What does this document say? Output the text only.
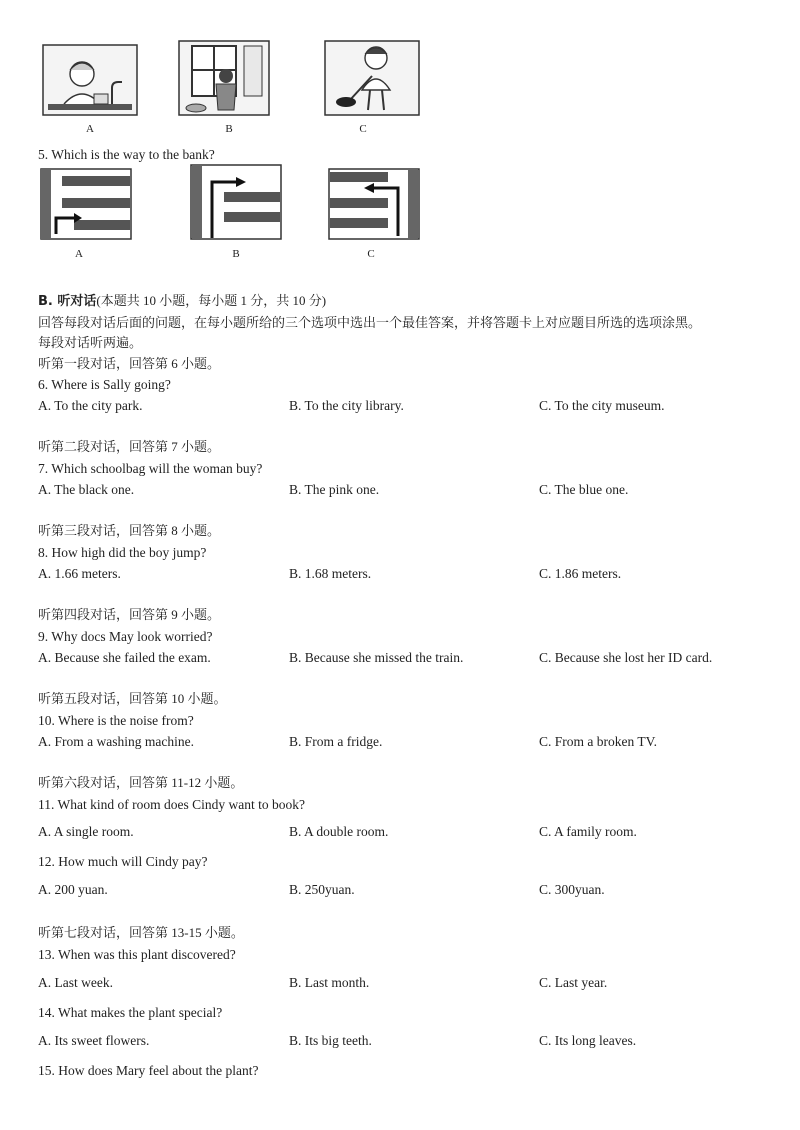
A	B	C
5. Which is the way to the bank?
A	B	C
B. 听对话(本题共 10 小题，每小题 1 分，共 10 分)
回答每段对话后面的问题，在每小题所给的三个选项中选出一个最佳答案，并将答题卡上对应题目所选的选项涂黑。
每段对话听两遍。
听第一段对话，回答第 6 小题。
6. Where is Sally going?
A. To the city park.	B. To the city library.	C. To the city museum.
听第二段对话，回答第 7 小题。
7. Which schoolbag will the woman buy?
A. The black one.	B. The pink one.	C. The blue one.
听第三段对话，回答第 8 小题。
8. How high did the boy jump?
A. 1.66 meters.	B. 1.68 meters.	C. 1.86 meters.
听第四段对话，回答第 9 小题。
9. Why docs May look worried?
A. Because she failed the exam.	B. Because she missed the train.	C. Because she lost her ID card.
听第五段对话，回答第 10 小题。
10. Where is the noise from?
A. From a washing machine.	B. From a fridge.	C. From a broken TV.
听第六段对话，回答第 11-12 小题。
11. What kind of room does Cindy want to book?
A. A single room.	B. A double room.	C. A family room.
12. How much will Cindy pay?
A. 200 yuan.	B. 250yuan.	C. 300yuan.
听第七段对话，回答第 13-15 小题。
13. When was this plant discovered?
A. Last week.	B. Last month.	C. Last year.
14. What makes the plant special?
A. Its sweet flowers.	B. Its big teeth.	C. Its long leaves.
15. How does Mary feel about the plant?
